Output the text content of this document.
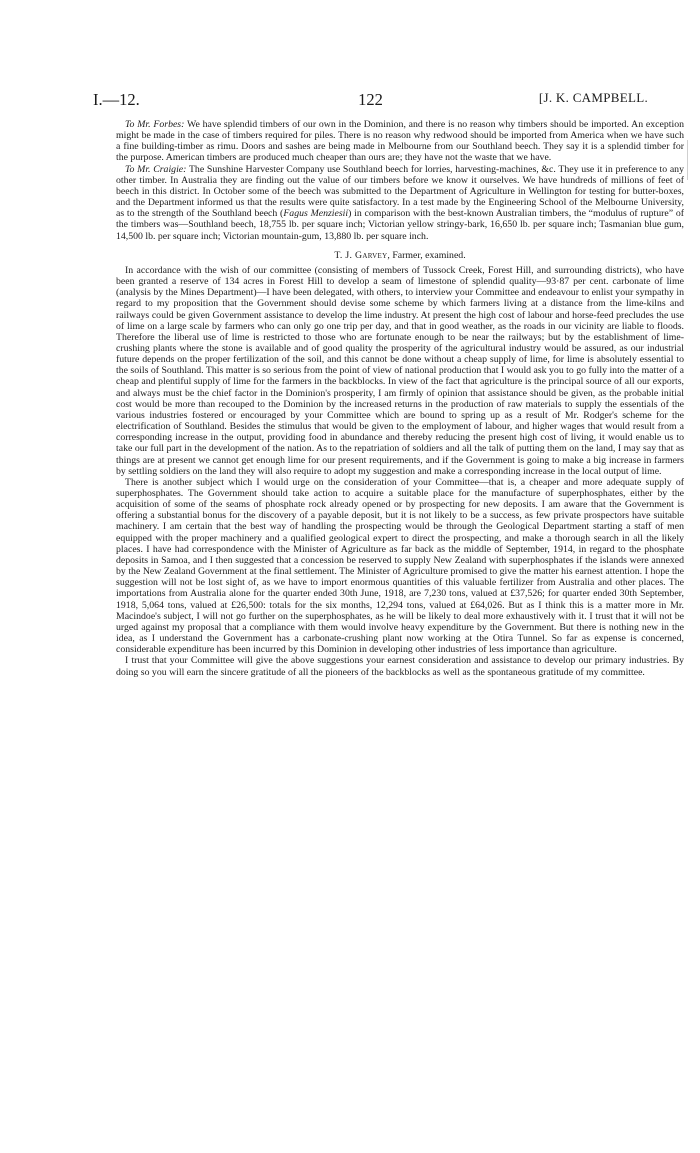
I.—12.	122	[J. K. CAMPBELL.

To Mr. Forbes: We have splendid timbers of our own in the Dominion, and there is no reason why timbers should be imported. An exception might be made in the case of timbers required for piles. There is no reason why redwood should be imported from America when we have such a fine building-timber as rimu. Doors and sashes are being made in Melbourne from our Southland beech. They say it is a splendid timber for the purpose. American timbers are produced much cheaper than ours are; they have not the waste that we have.

To Mr. Craigie: The Sunshine Harvester Company use Southland beech for lorries, harvesting-machines, &c. They use it in preference to any other timber. In Australia they are finding out the value of our timbers before we know it ourselves. We have hundreds of millions of feet of beech in this district. In October some of the beech was submitted to the Department of Agriculture in Wellington for testing for butter-boxes, and the Department informed us that the results were quite satisfactory. In a test made by the Engineering School of the Melbourne University, as to the strength of the Southland beech (Fagus Menziesii) in comparison with the best-known Australian timbers, the “modulus of rupture” of the timbers was—Southland beech, 18,755 lb. per square inch; Victorian yellow stringy-bark, 16,650 lb. per square inch; Tasmanian blue gum, 14,500 lb. per square inch; Victorian mountain-gum, 13,880 lb. per square inch.

T. J. Garvey, Farmer, examined.

In accordance with the wish of our committee (consisting of members of Tussock Creek, Forest Hill, and surrounding districts), who have been granted a reserve of 134 acres in Forest Hill to develop a seam of limestone of splendid quality—93·87 per cent. carbonate of lime (analysis by the Mines Department)—I have been delegated, with others, to interview your Committee and endeavour to enlist your sympathy in regard to my proposition that the Government should devise some scheme by which farmers living at a distance from the lime-kilns and railways could be given Government assistance to develop the lime industry. At present the high cost of labour and horse-feed precludes the use of lime on a large scale by farmers who can only go one trip per day, and that in good weather, as the roads in our vicinity are liable to floods. Therefore the liberal use of lime is restricted to those who are fortunate enough to be near the railways; but by the establishment of lime-crushing plants where the stone is available and of good quality the prosperity of the agricultural industry would be assured, as our industrial future depends on the proper fertilization of the soil, and this cannot be done without a cheap supply of lime, for lime is absolutely essential to the soils of Southland. This matter is so serious from the point of view of national production that I would ask you to go fully into the matter of a cheap and plentiful supply of lime for the farmers in the backblocks. In view of the fact that agriculture is the principal source of all our exports, and always must be the chief factor in the Dominion's prosperity, I am firmly of opinion that assistance should be given, as the probable initial cost would be more than recouped to the Dominion by the increased returns in the production of raw materials to supply the essentials of the various industries fostered or encouraged by your Committee which are bound to spring up as a result of Mr. Rodger's scheme for the electrification of Southland. Besides the stimulus that would be given to the employment of labour, and higher wages that would result from a corresponding increase in the output, providing food in abundance and thereby reducing the present high cost of living, it would enable us to take our full part in the development of the nation. As to the repatriation of soldiers and all the talk of putting them on the land, I may say that as things are at present we cannot get enough lime for our present requirements, and if the Government is going to make a big increase in farmers by settling soldiers on the land they will also require to adopt my suggestion and make a corresponding increase in the local output of lime.

There is another subject which I would urge on the consideration of your Committee—that is, a cheaper and more adequate supply of superphosphates. The Government should take action to acquire a suitable place for the manufacture of superphosphates, either by the acquisition of some of the seams of phosphate rock already opened or by prospecting for new deposits. I am aware that the Government is offering a substantial bonus for the discovery of a payable deposit, but it is not likely to be a success, as few private prospectors have suitable machinery. I am certain that the best way of handling the prospecting would be through the Geological Department starting a staff of men equipped with the proper machinery and a qualified geological expert to direct the prospecting, and make a thorough search in all the likely places. I have had correspondence with the Minister of Agriculture as far back as the middle of September, 1914, in regard to the phosphate deposits in Samoa, and I then suggested that a concession be reserved to supply New Zealand with superphosphates if the islands were annexed by the New Zealand Government at the final settlement. The Minister of Agriculture promised to give the matter his earnest attention. I hope the suggestion will not be lost sight of, as we have to import enormous quantities of this valuable fertilizer from Australia and other places. The importations from Australia alone for the quarter ended 30th June, 1918, are 7,230 tons, valued at £37,526; for quarter ended 30th September, 1918, 5,064 tons, valued at £26,500: totals for the six months, 12,294 tons, valued at £64,026. But as I think this is a matter more in Mr. Macindoe's subject, I will not go further on the superphosphates, as he will be likely to deal more exhaustively with it. I trust that it will not be urged against my proposal that a compliance with them would involve heavy expenditure by the Government. But there is nothing new in the idea, as I understand the Government has a carbonate-crushing plant now working at the Otira Tunnel. So far as expense is concerned, considerable expenditure has been incurred by this Dominion in developing other industries of less importance than agriculture.

I trust that your Committee will give the above suggestions your earnest consideration and assistance to develop our primary industries. By doing so you will earn the sincere gratitude of all the pioneers of the backblocks as well as the spontaneous gratitude of my committee.
